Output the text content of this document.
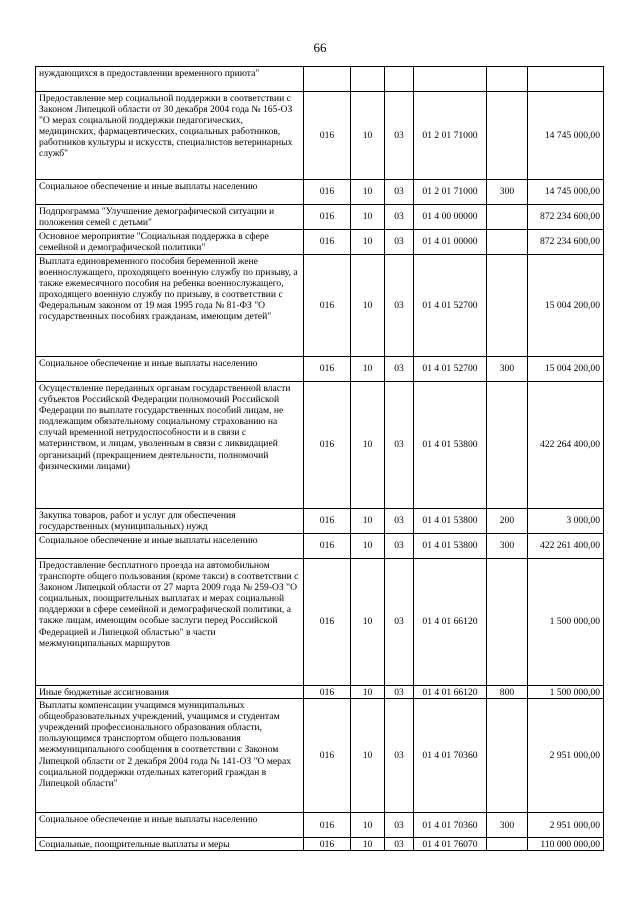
66
нуждающихся в предоставлении временного приюта"						
Предоставление мер социальной поддержки в соответствии с Законом Липецкой области от 30 декабря 2004 года № 165-ОЗ "О мерах социальной поддержки педагогических, медицинских, фармацевтических, социальных работников, работников культуры и искусств, специалистов ветеринарных служб"	016	10	03	01 2 01 71000		14 745 000,00
Социальное обеспечение и иные выплаты населению	016	10	03	01 2 01 71000	300	14 745 000,00
Подпрограмма "Улучшение демографической ситуации и положения семей с детьми"	016	10	03	01 4 00 00000		872 234 600,00
Основное мероприятие "Социальная поддержка в сфере семейной и демографической политики"	016	10	03	01 4 01 00000		872 234 600,00
Выплата единовременного пособия беременной жене военнослужащего, проходящего военную службу по призыву, а также ежемесячного пособия на ребенка военнослужащего, проходящего военную службу по призыву, в соответствии с Федеральным законом от 19 мая 1995 года № 81-ФЗ "О государственных пособиях гражданам, имеющим детей"	016	10	03	01 4 01 52700		15 004 200,00
Социальное обеспечение и иные выплаты населению	016	10	03	01 4 01 52700	300	15 004 200,00
Осуществление переданных органам государственной власти субъектов Российской Федерации полномочий Российской Федерации по выплате государственных пособий лицам, не подлежащим обязательному социальному страхованию на случай временной нетрудоспособности и в связи с материнством, и лицам, уволенным в связи с ликвидацией организаций (прекращением деятельности, полномочий физическими лицами)	016	10	03	01 4 01 53800		422 264 400,00
Закупка товаров, работ и услуг для обеспечения государственных (муниципальных) нужд	016	10	03	01 4 01 53800	200	3 000,00
Социальное обеспечение и иные выплаты населению	016	10	03	01 4 01 53800	300	422 261 400,00
Предоставление бесплатного проезда на автомобильном транспорте общего пользования (кроме такси) в соответствии с Законом Липецкой области от 27 марта 2009 года № 259-ОЗ "О социальных, поощрительных выплатах и мерах социальной поддержки в сфере семейной и демографической политики, а также лицам, имеющим особые заслуги перед Российской Федерацией и Липецкой областью" в части межмуниципальных маршрутов	016	10	03	01 4 01 66120		1 500 000,00
Иные бюджетные ассигнования	016	10	03	01 4 01 66120	800	1 500 000,00
Выплаты компенсации учащимся муниципальных общеобразовательных учреждений, учащимся и студентам учреждений профессионального образования области, пользующимся транспортом общего пользования межмуниципального сообщения в соответствии с Законом Липецкой области от 2 декабря 2004 года № 141-ОЗ "О мерах социальной поддержки отдельных категорий граждан в Липецкой области"	016	10	03	01 4 01 70360		2 951 000,00
Социальное обеспечение и иные выплаты населению	016	10	03	01 4 01 70360	300	2 951 000,00
Социальные, поощрительные выплаты и меры	016	10	03	01 4 01 76070		110 000 000,00
